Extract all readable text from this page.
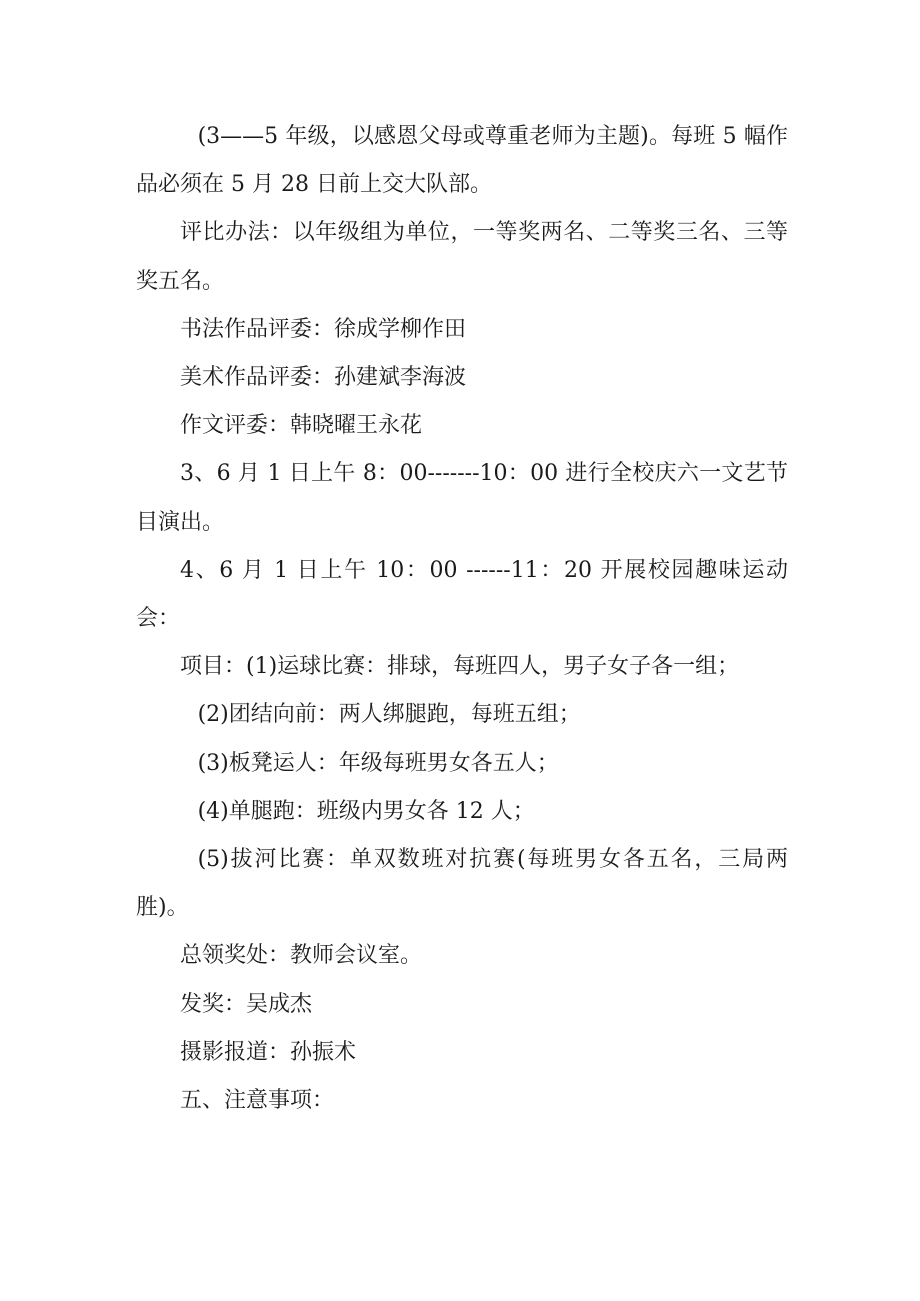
(3——5 年级，以感恩父母或尊重老师为主题)。每班 5 幅作品必须在 5 月 28 日前上交大队部。

评比办法：以年级组为单位，一等奖两名、二等奖三名、三等奖五名。

书法作品评委：徐成学柳作田

美术作品评委：孙建斌李海波

作文评委：韩晓曜王永花

3、6 月 1 日上午 8：00-------10：00 进行全校庆六一文艺节目演出。

4、6 月 1 日上午 10：00 ------11：20 开展校园趣味运动会：

项目：(1)运球比赛：排球，每班四人，男子女子各一组；

(2)团结向前：两人绑腿跑，每班五组；

(3)板凳运人：年级每班男女各五人；

(4)单腿跑：班级内男女各 12 人；

(5)拔河比赛：单双数班对抗赛(每班男女各五名，三局两胜)。

总领奖处：教师会议室。

发奖：吴成杰

摄影报道：孙振术

五、注意事项：
